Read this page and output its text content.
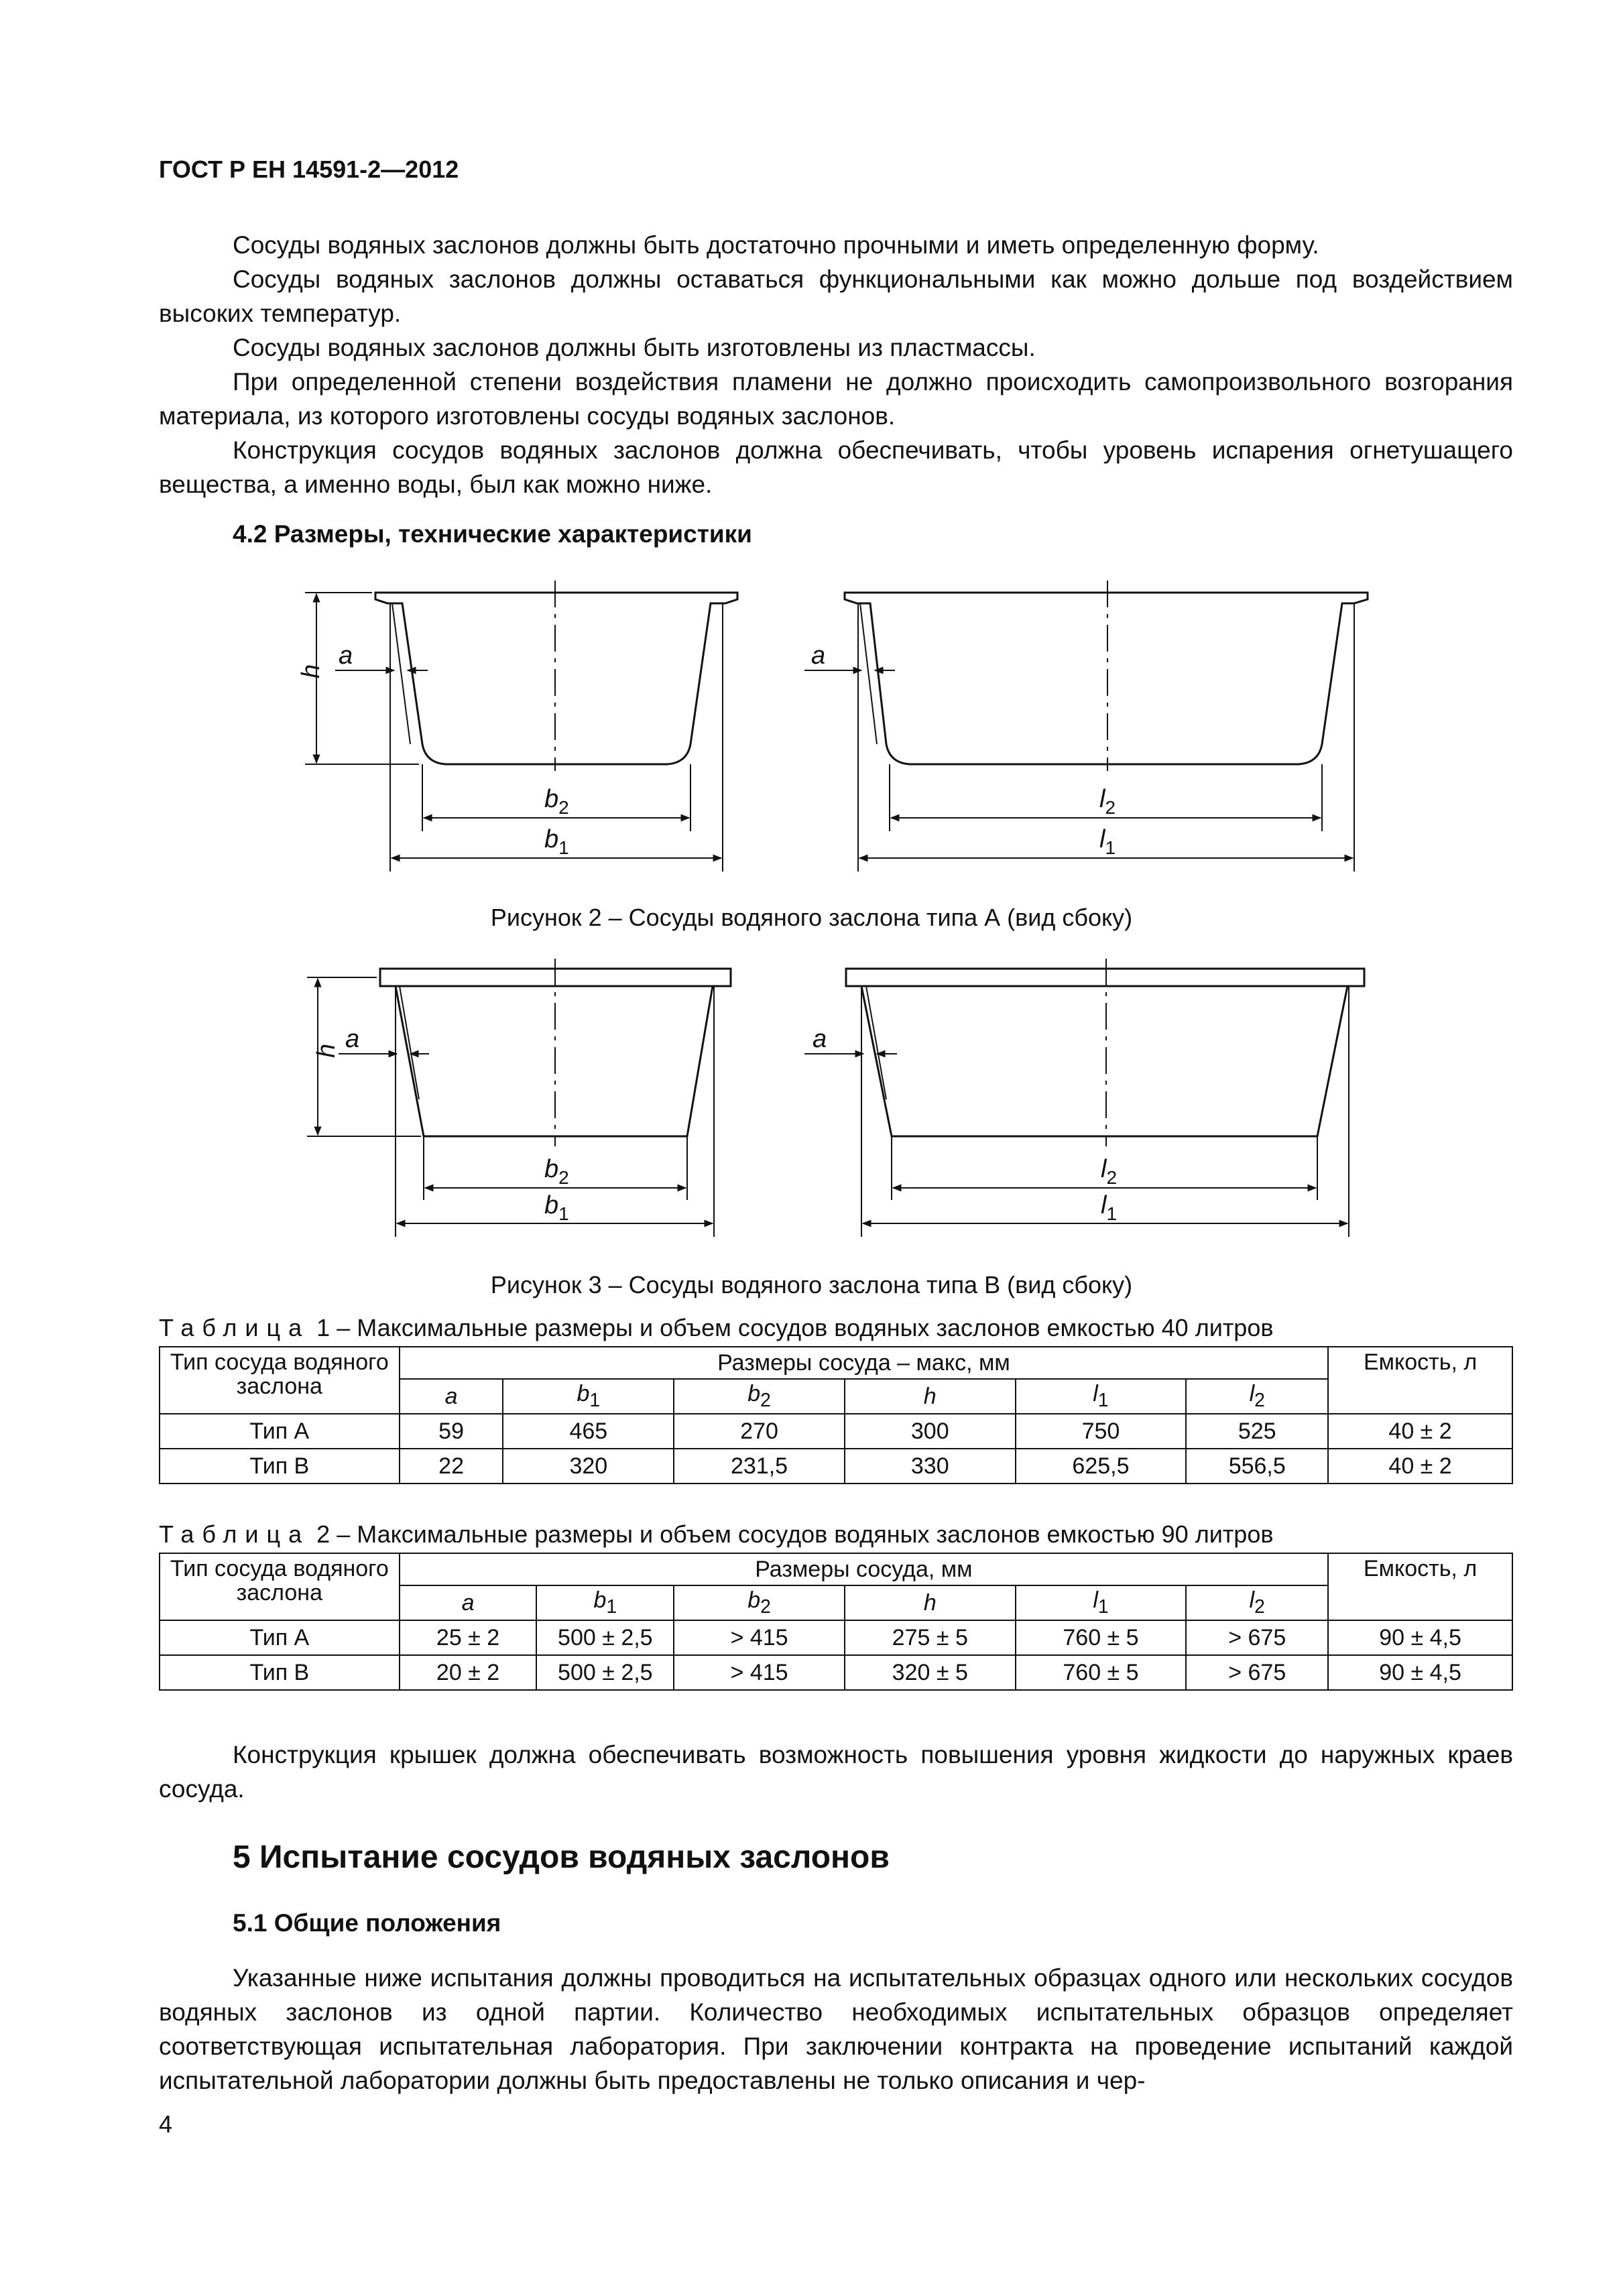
ГОСТ Р ЕН 14591-2—2012

Сосуды водяных заслонов должны быть достаточно прочными и иметь определенную форму.

Сосуды водяных заслонов должны оставаться функциональными как можно дольше под воздействием высоких температур.

Сосуды водяных заслонов должны быть изготовлены из пластмассы.

При определенной степени воздействия пламени не должно происходить самопроизвольного возгорания материала, из которого изготовлены сосуды водяных заслонов.

Конструкция сосудов водяных заслонов должна обеспечивать, чтобы уровень испарения огнетушащего вещества, а именно воды, был как можно ниже.

4.2 Размеры, технические характеристики
h
a	a
$b_2$
$b_1$
$l_2$
$l_1$
h a	a
$b_2$
$b_1$
$l_2$
$l_1$
Рисунок 2 – Сосуды водяного заслона типа А (вид сбоку)
Рисунок 3 – Сосуды водяного заслона типа В (вид сбоку)
Таблица 1 – Максимальные размеры и объем сосудов водяных заслонов емкостью 40 литров
Тип сосуда водяного заслона	Размеры сосуда – макс, мм						Емкость, л
	a	$b_1$	$b_2$	h	$l_1$	$l_2$
Тип А	59	465	270	300	750	525	40 ± 2
Тип В	22	320	231,5	330	625,5	556,5	40 ± 2
Таблица 2 – Максимальные размеры и объем сосудов водяных заслонов емкостью 90 литров
Тип сосуда водяного заслона	Размеры сосуда, мм						Емкость, л
	a	$b_1$	$b_2$	h	$l_1$	$l_2$
Тип А	25 ± 2	500 ± 2,5	> 415	275 ± 5	760 ± 5	> 675	90 ± 4,5
Тип В	20 ± 2	500 ± 2,5	> 415	320 ± 5	760 ± 5	> 675	90 ± 4,5

Конструкция крышек должна обеспечивать возможность повышения уровня жидкости до наружных краев сосуда.

5 Испытание сосудов водяных заслонов
5.1 Общие положения

Указанные ниже испытания должны проводиться на испытательных образцах одного или нескольких сосудов водяных заслонов из одной партии. Количество необходимых испытательных образцов определяет соответствующая испытательная лаборатория. При заключении контракта на проведение испытаний каждой испытательной лаборатории должны быть предоставлены не только описания и чер-

4
